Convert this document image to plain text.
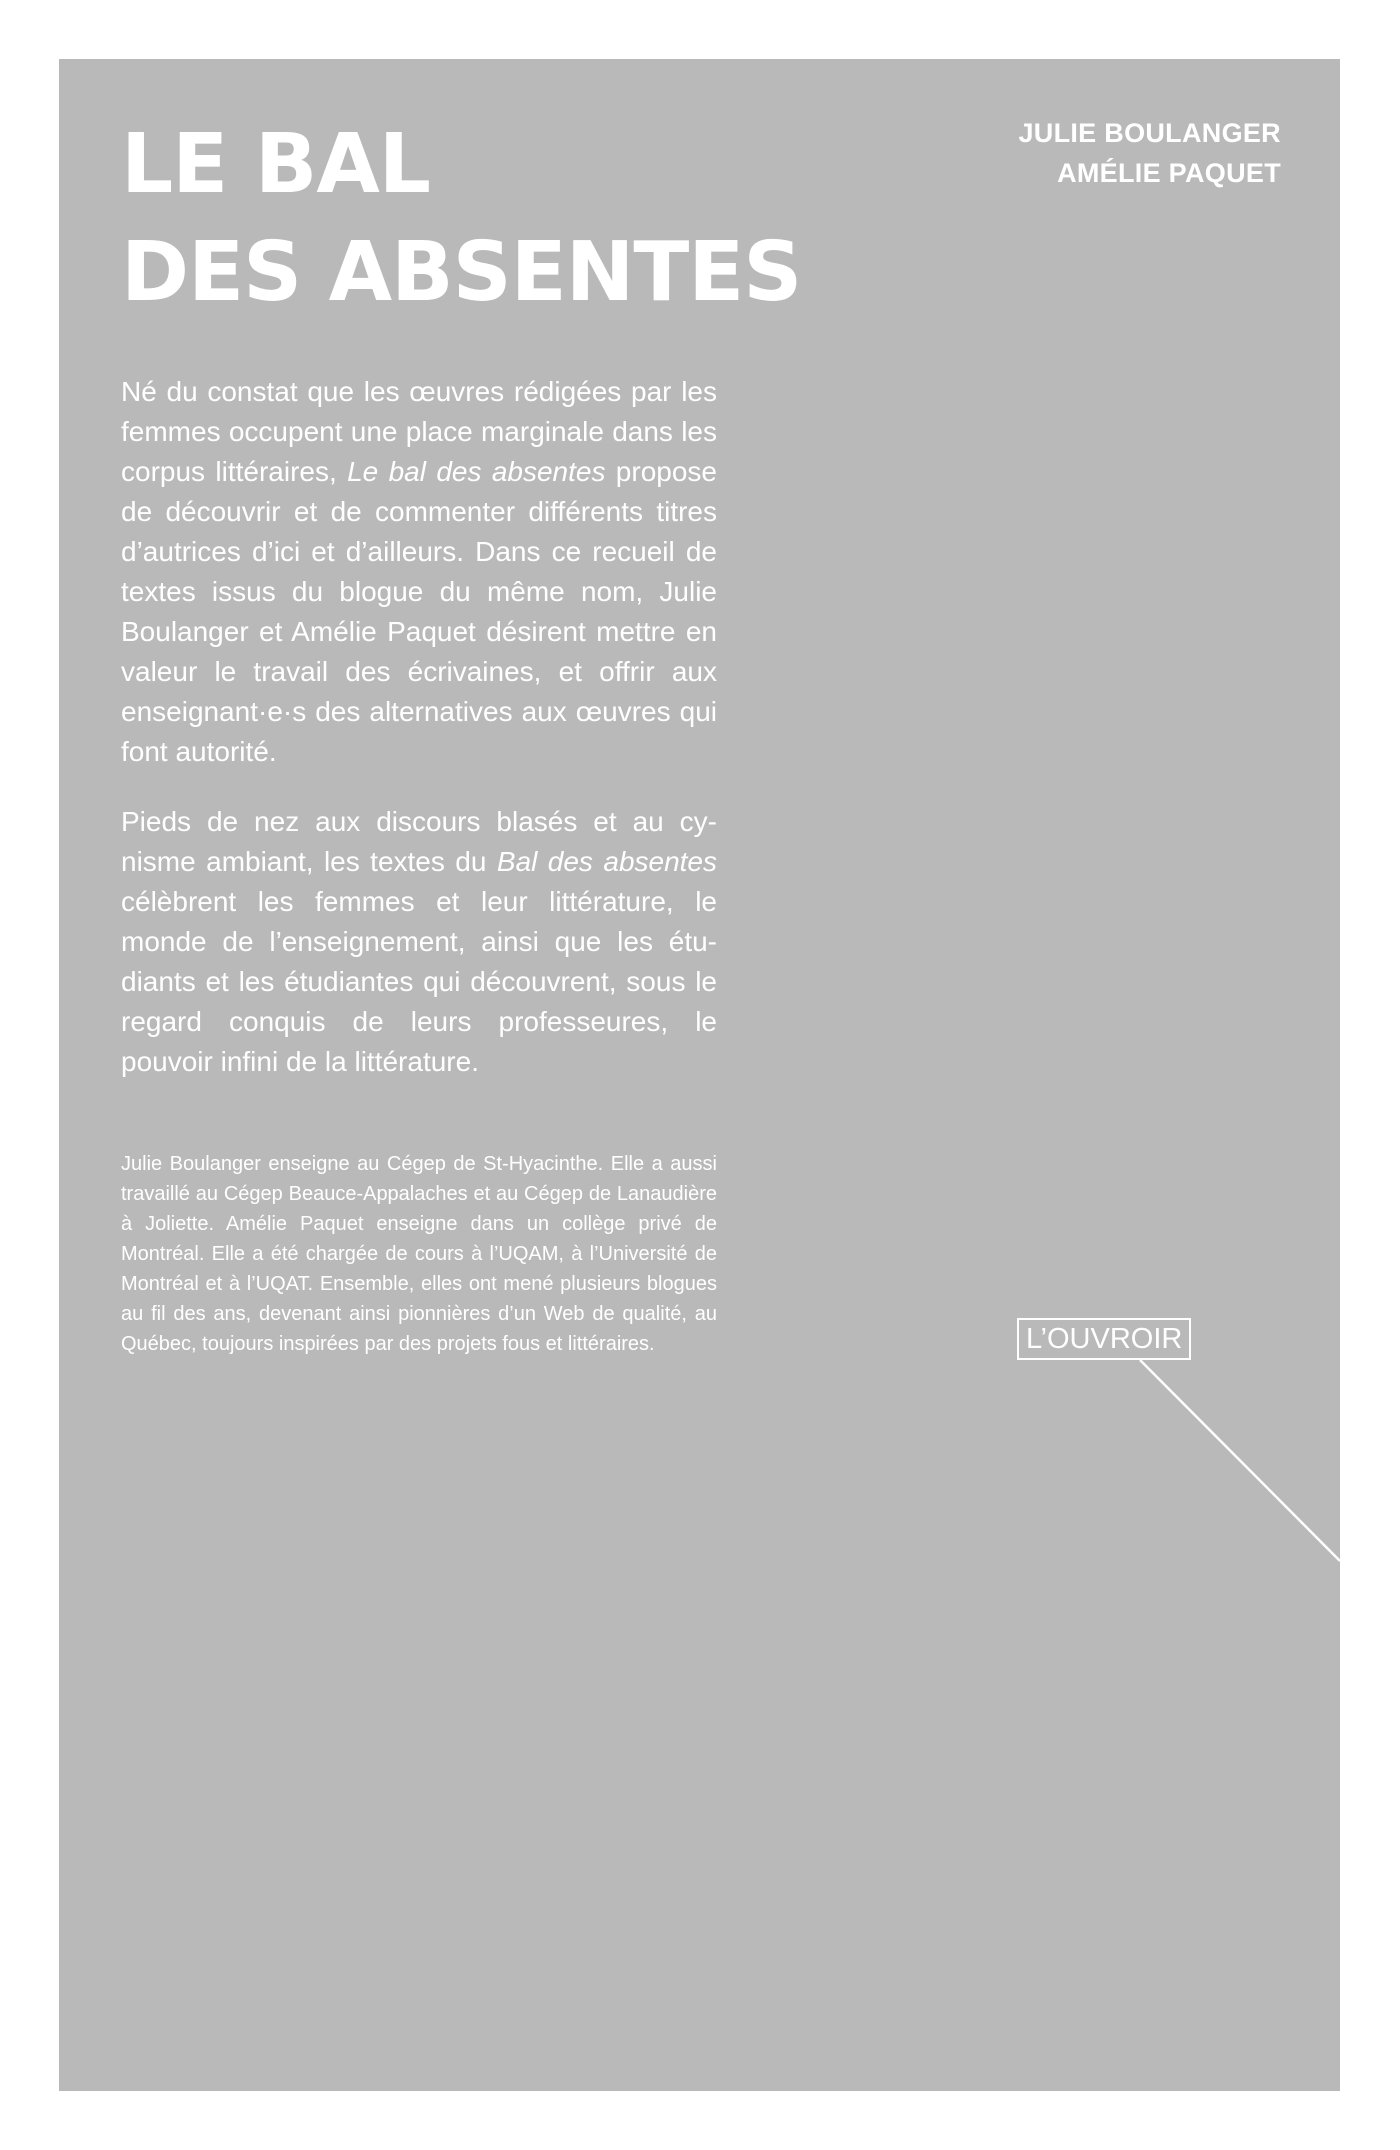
LE BAL
DES ABSENTES
JULIE BOULANGER
AMÉLIE PAQUET

Né du constat que les œuvres rédigées par les femmes occupent une place marginale dans les corpus littéraires, Le bal des absentes propose de découvrir et de commenter différents titres d’autrices d’ici et d’ailleurs. Dans ce recueil de textes issus du blogue du même nom, Julie Boulanger et Amélie Paquet désirent mettre en valeur le travail des écrivaines, et offrir aux enseignant·e·s des alternatives aux œuvres qui font autorité.

Pieds de nez aux discours blasés et au cynisme ambiant, les textes du Bal des absentes célèbrent les femmes et leur littérature, le monde de l’enseignement, ainsi que les étudiants et les étudiantes qui découvrent, sous le regard conquis de leurs professeures, le pouvoir infini de la littérature.

Julie Boulanger enseigne au Cégep de St-Hyacinthe. Elle a aussi travaillé au Cégep Beauce-Appalaches et au Cégep de Lanaudière à Joliette. Amélie Paquet enseigne dans un collège privé de Montréal. Elle a été chargée de cours à l’UQAM, à l’Université de Montréal et à l’UQAT. Ensemble, elles ont mené plusieurs blogues au fil des ans, devenant ainsi pionnières d’un Web de qualité, au Québec, toujours inspirées par des projets fous et littéraires.	L’OUVROIR
